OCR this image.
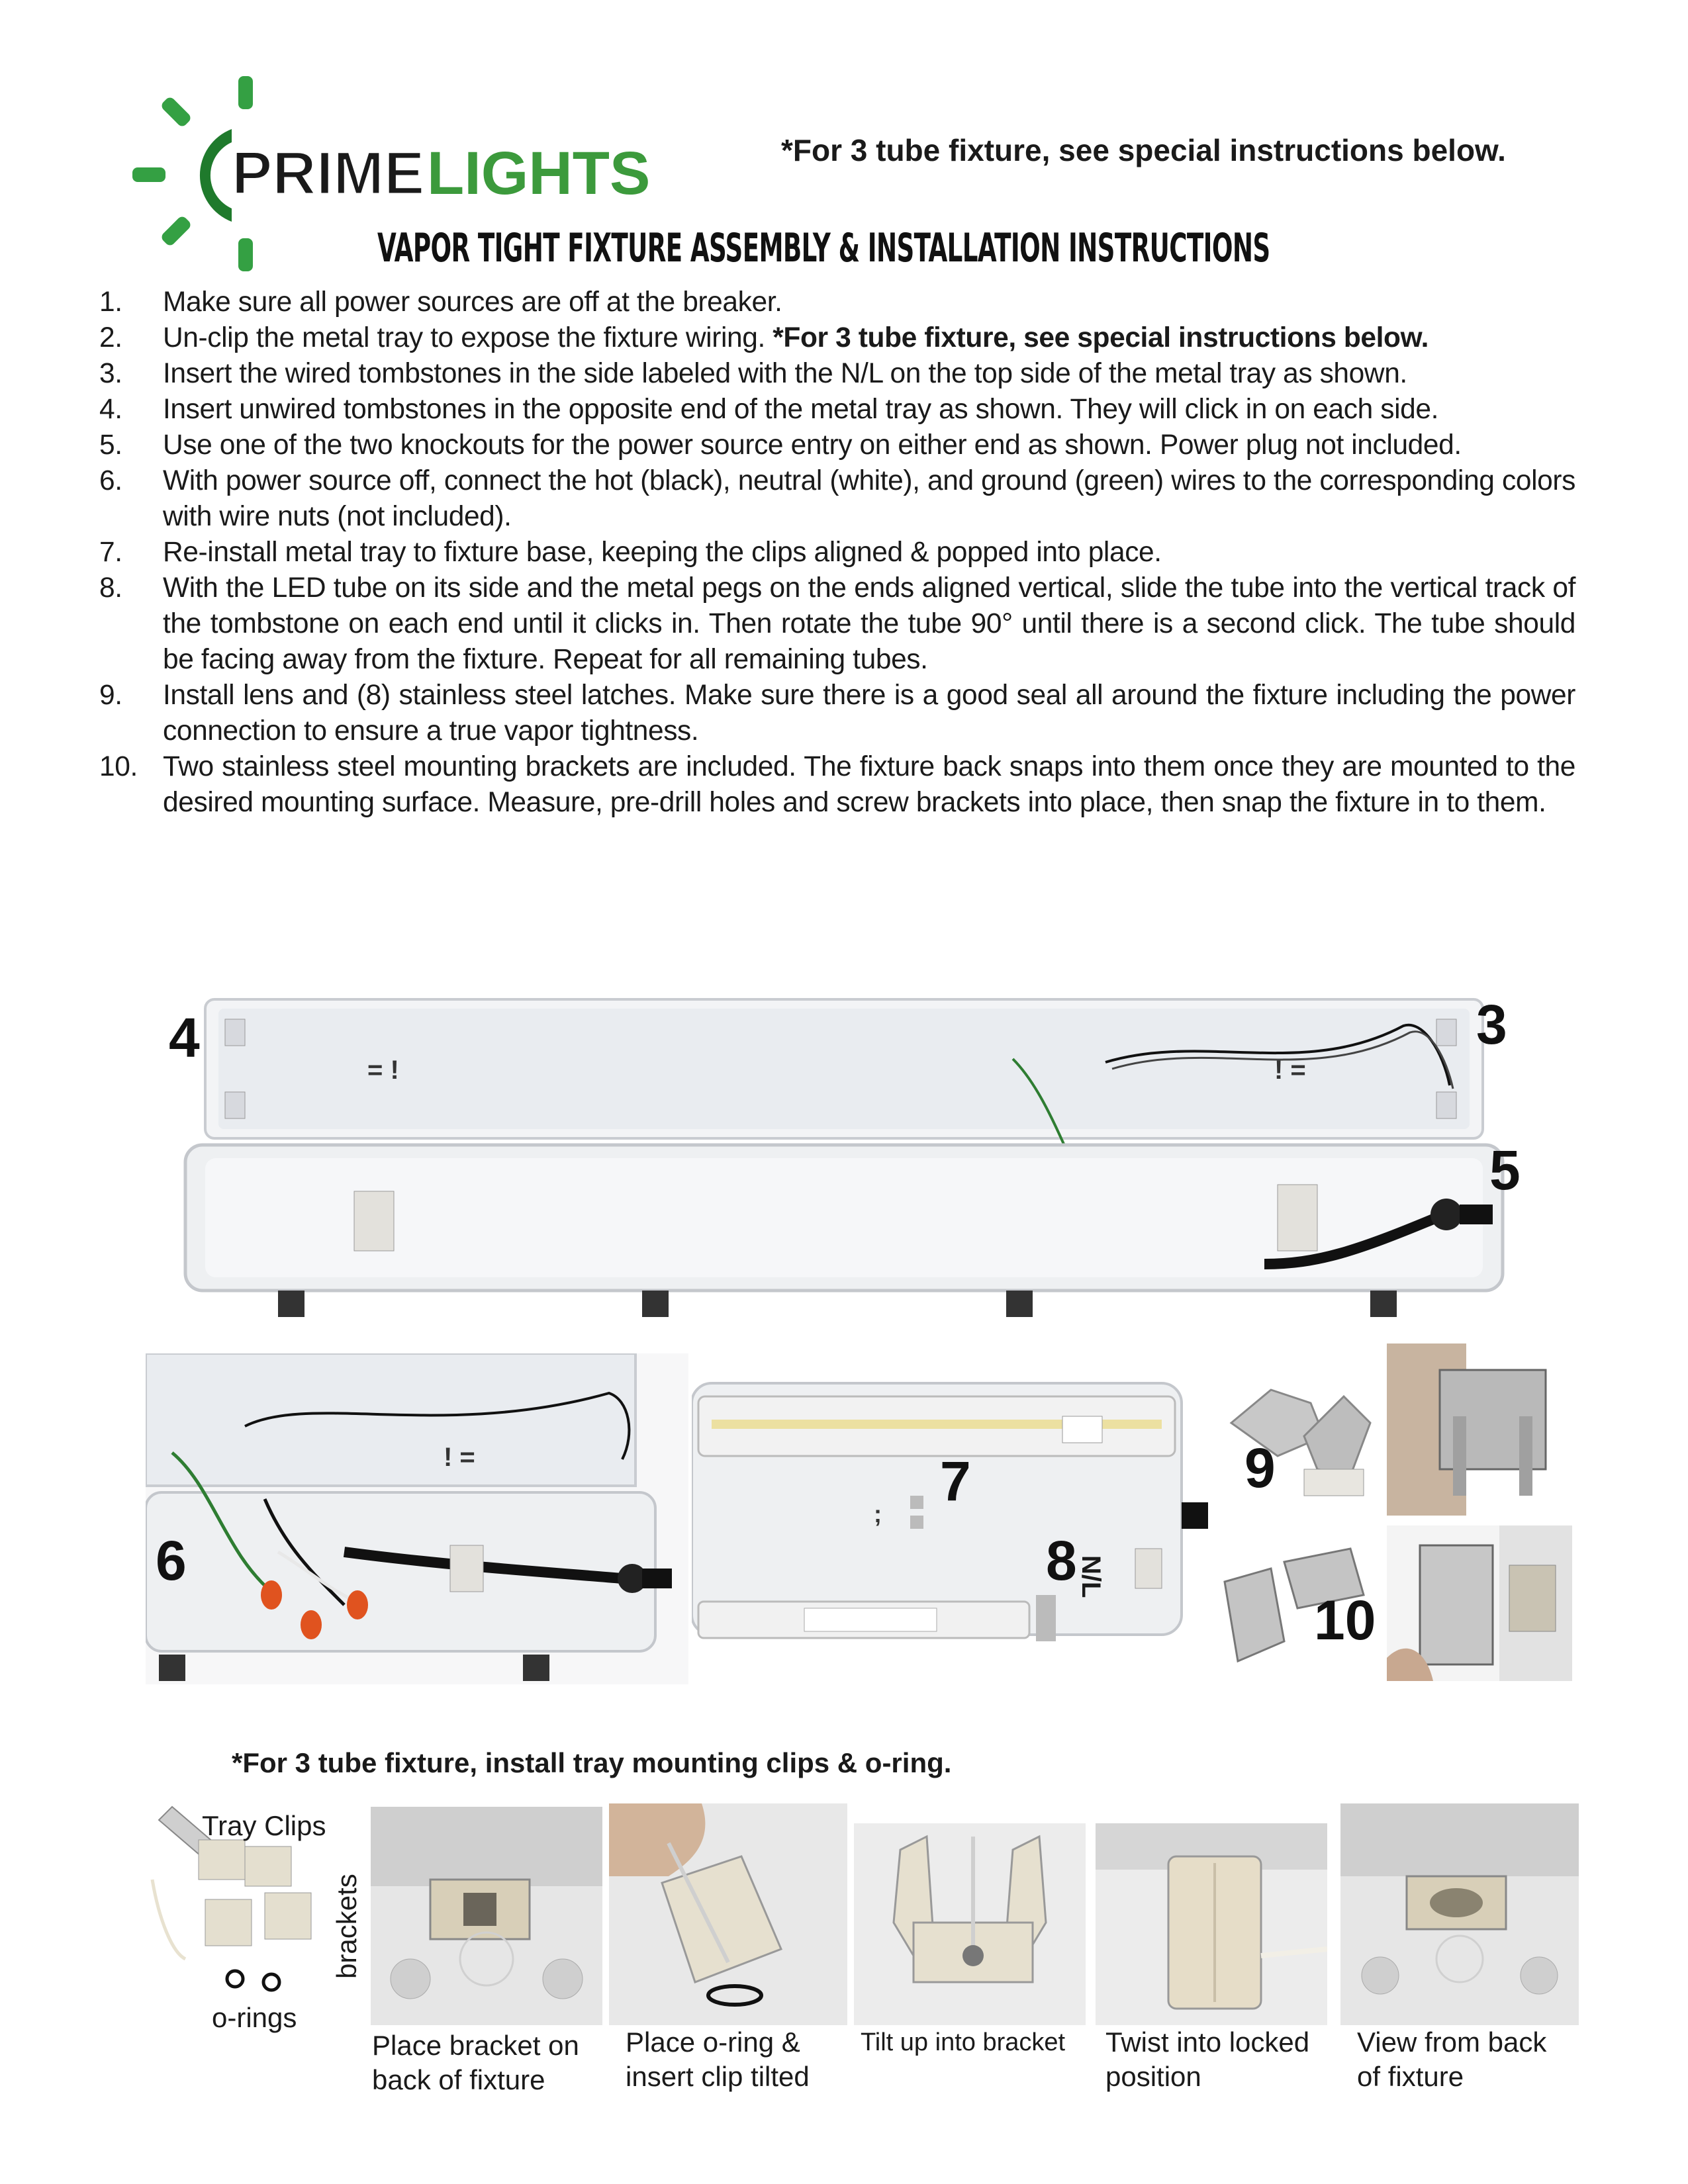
PRIME LIGHTS	*For 3 tube fixture, see special instructions below.
VAPOR TIGHT FIXTURE ASSEMBLY & INSTALLATION INSTRUCTIONS
1.	Make sure all power sources are off at the breaker.
2.	Un-clip the metal tray to expose the fixture wiring. *For 3 tube fixture, see special instructions below.
3.	Insert the wired tombstones in the side labeled with the N/L on the top side of the metal tray as shown.
4.	Insert unwired tombstones in the opposite end of the metal tray as shown. They will click in on each side.
5.	Use one of the two knockouts for the power source entry on either end as shown. Power plug not included.
6.	With power source off, connect the hot (black), neutral (white), and ground (green) wires to the corresponding colors with wire nuts (not included).
7.	Re-install metal tray to fixture base, keeping the clips aligned & popped into place.
8.	With the LED tube on its side and the metal pegs on the ends aligned vertical, slide the tube into the vertical track of the tombstone on each end until it clicks in. Then rotate the tube 90° until there is a second click. The tube should be facing away from the fixture. Repeat for all remaining tubes.
9.	Install lens and (8) stainless steel latches. Make sure there is a good seal all around the fixture including the power connection to ensure a true vapor tightness.
10. Two stainless steel mounting brackets are included. The fixture back snaps into them once they are mounted to the desired mounting surface. Measure, pre-drill holes and screw brackets into place, then snap the fixture in to them.
= !	! =
4	3
5
! =
6
;
7
8 N/L
9
10
*For 3 tube fixture, install tray mounting clips & o-ring.
Tray Clips
brackets
o-rings
Place bracket on
back of fixture
Place o-ring &
insert clip tilted
Tilt up into bracket Twist into locked
position
View from back
of fixture
